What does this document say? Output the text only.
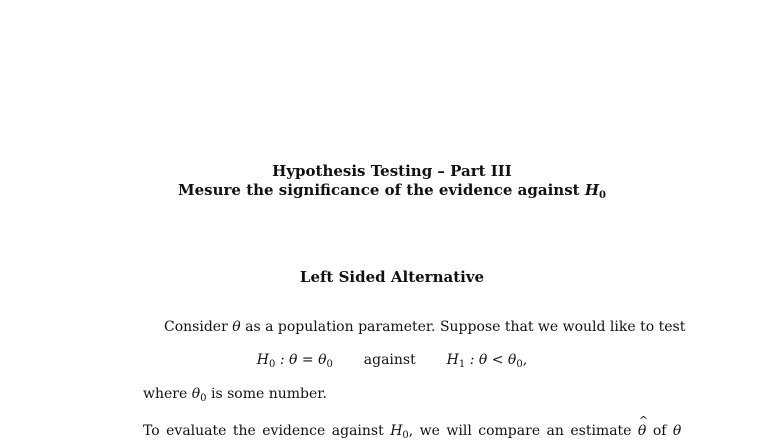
Hypothesis Testing – Part III
Mesure the significance of the evidence against $H_0$
Left Sided Alternative
Consider θ as a population parameter. Suppose that we would like to test
$H_0$ : $\theta = \theta_0$ against $H_1$ : $\theta < \theta_0$,
where $\theta_0$ is some number.
To evaluate the evidence against $H_0$, we will compare an estimate ^ θ of θ
